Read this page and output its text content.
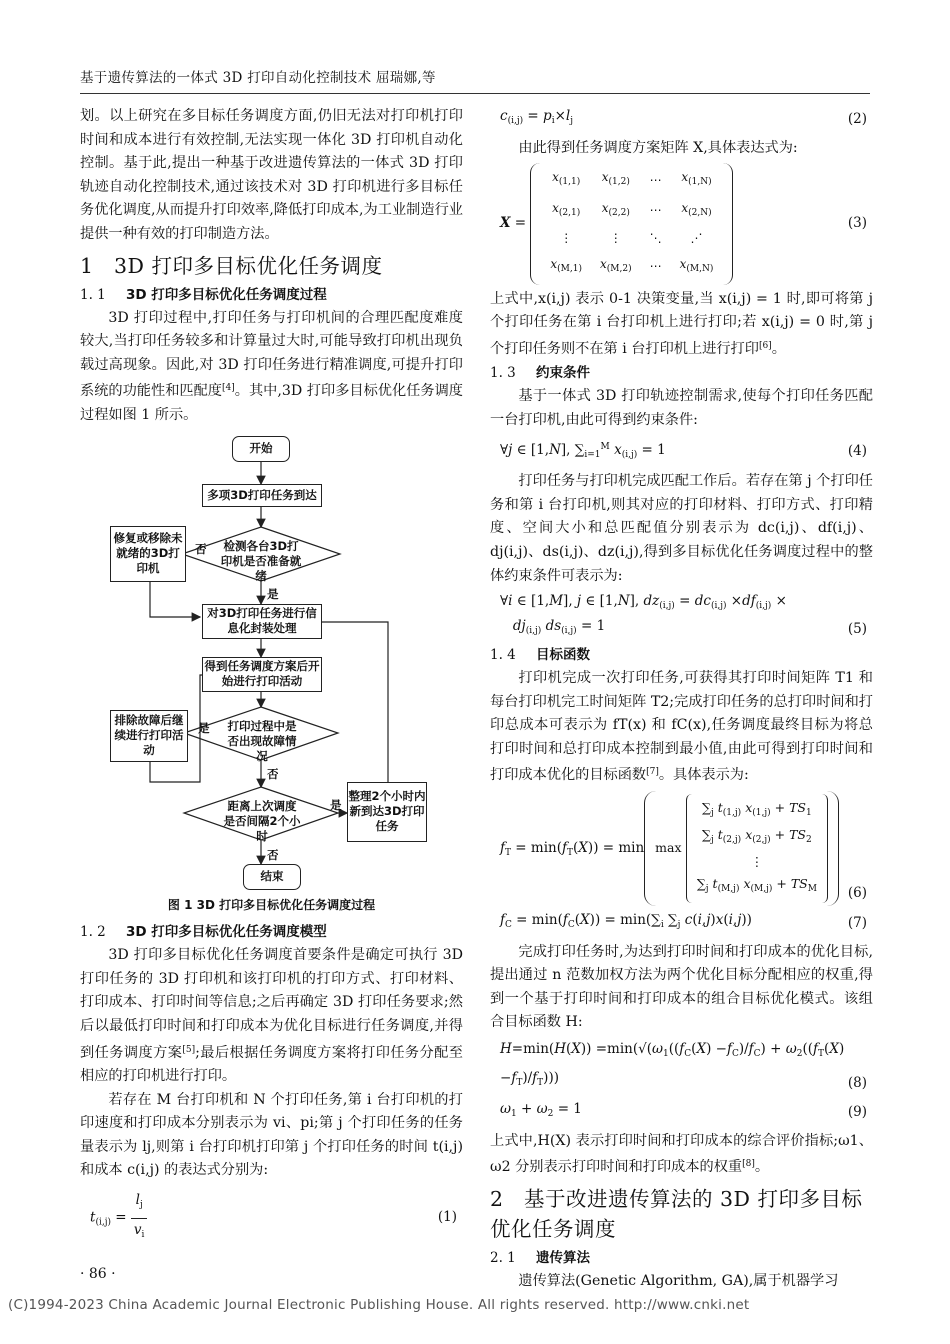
基于遗传算法的一体式 3D 打印自动化控制技术 屈瑞娜,等

划。以上研究在多目标任务调度方面,仍旧无法对打印机打印时间和成本进行有效控制,无法实现一体化 3D 打印机自动化控制。基于此,提出一种基于改进遗传算法的一体式 3D 打印轨迹自动化控制技术,通过该技术对 3D 打印机进行多目标任务优化调度,从而提升打印效率,降低打印成本,为工业制造行业提供一种有效的打印制造方法。

1 3D 打印多目标优化任务调度
1. 1 3D 打印多目标优化任务调度过程

3D 打印过程中,打印任务与打印机间的合理匹配度难度较大,当打印任务较多和计算量过大时,可能导致打印机出现负载过高现象。因此,对 3D 打印任务进行精准调度,可提升打印系统的功能性和匹配度[4]。其中,3D 打印多目标优化任务调度过程如图 1 所示。

开始
多项3D打印任务到达
检测各台3D打印机是否准备就绪
修复或移除未就绪的3D打印机
对3D打印任务进行信息化封装处理
得到任务调度方案后开始进行打印活动
打印过程中是否出现故障情况
排除故障后继续进行打印活动
距离上次调度是否间隔2个小时
整理2个小时内新到达3D打印任务
结束
否
是
是
否
是
否
图 1 3D 打印多目标优化任务调度过程
1. 2 3D 打印多目标优化任务调度模型

3D 打印多目标优化任务调度首要条件是确定可执行 3D 打印任务的 3D 打印机和该打印机的打印方式、打印材料、打印成本、打印时间等信息;之后再确定 3D 打印任务要求;然后以最低打印时间和打印成本为优化目标进行任务调度,并得到任务调度方案[5];最后根据任务调度方案将打印任务分配至相应的打印机进行打印。

若存在 M 台打印机和 N 个打印任务,第 i 台打印机的打印速度和打印成本分别表示为 vi、pi;第 j 个打印任务的任务量表示为 lj,则第 i 台打印机打印第 j 个打印任务的时间 t(i,j) 和成本 c(i,j) 的表达式分别为:

$t_{(i,j)} = \frac{l_j}{v_i}$	(1)
$c_{(i,j)} = p_i\times l_j$	(2)

由此得到任务调度方案矩阵 X,具体表达式为:

X =
$x_{(1,1)}$	$x_{(1,2)}$	⋯	$x_{(1,N)}$
$x_{(2,1)}$	$x_{(2,2)}$	⋯	$x_{(2,N)}$
⋮	⋮	⋱	⋰
$x_{(M,1)}$	$x_{(M,2)}$	⋯	$x_{(M,N)}$
(3)

上式中,x(i,j) 表示 0-1 决策变量,当 x(i,j) = 1 时,即可将第 j 个打印任务在第 i 台打印机上进行打印;若 x(i,j) = 0 时,第 j 个打印任务则不在第 i 台打印机上进行打印[6]。

1. 3 约束条件

基于一体式 3D 打印轨迹控制需求,使每个打印任务匹配一台打印机,由此可得到约束条件:

∀j ∈ [1,N], $\sum_{i=1}^M$ $x_{(i,j)} = 1$	(4)

打印任务与打印机完成匹配工作后。若存在第 j 个打印任务和第 i 台打印机,则其对应的打印材料、打印方式、打印精度、空间大小和总匹配值分别表示为 dc(i,j)、df(i,j)、dj(i,j)、ds(i,j)、dz(i,j),得到多目标优化任务调度过程中的整体约束条件可表示为:

∀i ∈ [1,M], j ∈ [1,N], $dz_{(i,j)} = dc_{(i,j)} \times df_{(i,j)}$ ×
$dj_{(i,j)}$ $ds_{(i,j)} = 1$	(5)
1. 4 目标函数

打印机完成一次打印任务,可获得其打印时间矩阵 T1 和每台打印机完工时间矩阵 T2;完成打印任务的总打印时间和打印总成本可表示为 fT(x) 和 fC(x),任务调度最终目标为将总打印时间和总打印成本控制到最小值,由此可得到打印时间和打印成本优化的目标函数[7]。具体表示为:

$f_T = \min(f_T(X)) = \min \max$
$\sum_j$ $t_{(1,j)}$ $x_{(1,j)} + TS_1$
$\sum_j$ $t_{(2,j)}$ $x_{(2,j)} + TS_2$
⋮
$\sum_j$ $t_{(M,j)}$ $x_{(M,j)} + TS_M$ (6)
$f_C = \min(f_C(X)) = \min(\sum_i$ $\sum_j$ c(i,j)x(i,j))	(7)

完成打印任务时,为达到打印时间和打印成本的优化目标,提出通过 n 范数加权方法为两个优化目标分配相应的权重,得到一个基于打印时间和打印成本的组合目标优化模式。该组合目标函数 H:

$H=\min(H(X)) =\min(√(\omega_1((f_C(X) -f_C)/f_C) + \omega_2((f_T(X) -f_T)/f_T)))$	(8)
$\omega_1 + \omega_2 = 1$	(9)

上式中,H(X) 表示打印时间和打印成本的综合评价指标;ω1、ω2 分别表示打印时间和打印成本的权重[8]。

2 基于改进遗传算法的 3D 打印多目标优化任务调度
2. 1 遗传算法

遗传算法(Genetic Algorithm, GA),属于机器学习

· 86 ·
(C)1994-2023 China Academic Journal Electronic Publishing House. All rights reserved. http://www.cnki.net
